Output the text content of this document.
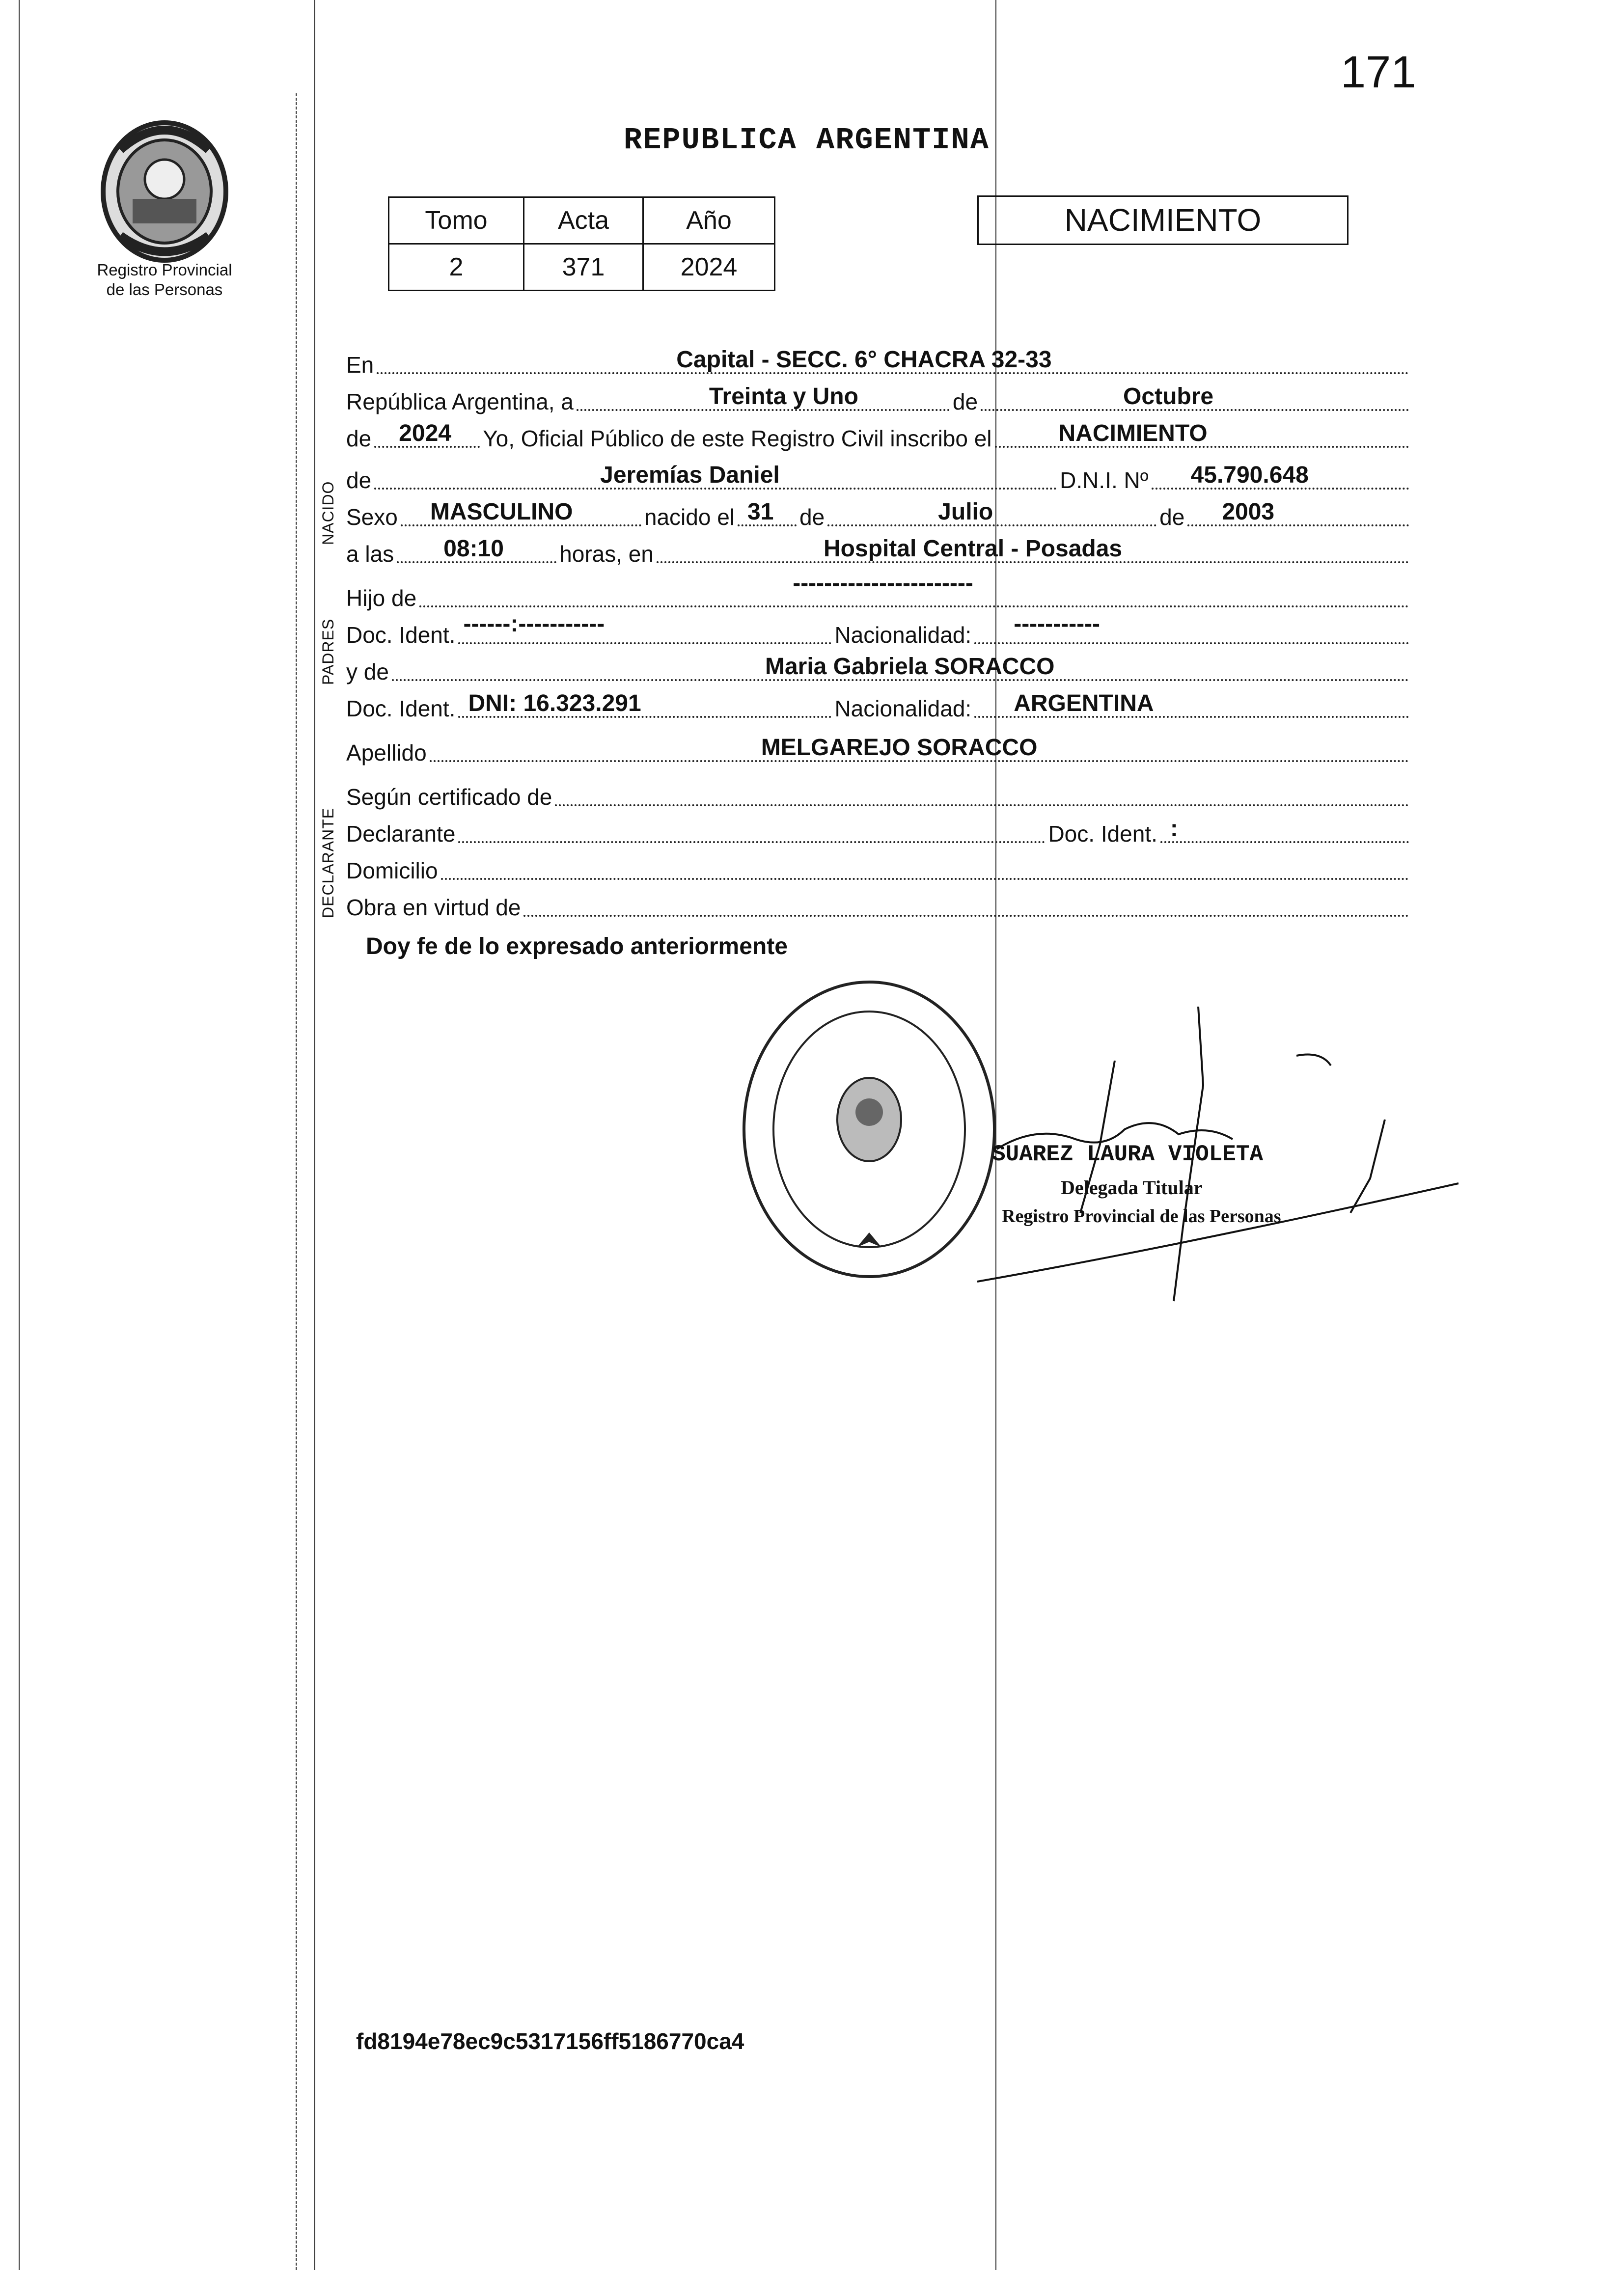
Registro Provincial
de las Personas
171
REPUBLICA ARGENTINA
Tomo	Acta	Año
2	371	2024
NACIMIENTO
En	Capital - SECC. 6° CHACRA 32-33
República Argentina, a	Treinta y Uno	de	Octubre
de 2024 Yo, Oficial Público de este Registro Civil inscribo el	NACIMIENTO
de	Jeremías Daniel	D.N.I. Nº 45.790.648
Sexo MASCULINO	nacido el 31 de	Julio	de 2003
a las 08:10 horas, en	Hospital Central - Posadas
Hijo de
-----------------------
Doc. Ident. ------:-----------	Nacionalidad: -----------
y de	Maria Gabriela SORACCO
Doc. Ident. DNI: 16.323.291	Nacionalidad: ARGENTINA
Apellido	MELGAREJO SORACCO
Según certificado de
Declarante	Doc. Ident. :
Domicilio
Obra en virtud de
NACIDO
PADRES
DECLARANTE
Doy fe de lo expresado anteriormente
SUAREZ LAURA VIOLETA
Delegada Titular
Registro Provincial de las Personas
fd8194e78ec9c5317156ff5186770ca4
